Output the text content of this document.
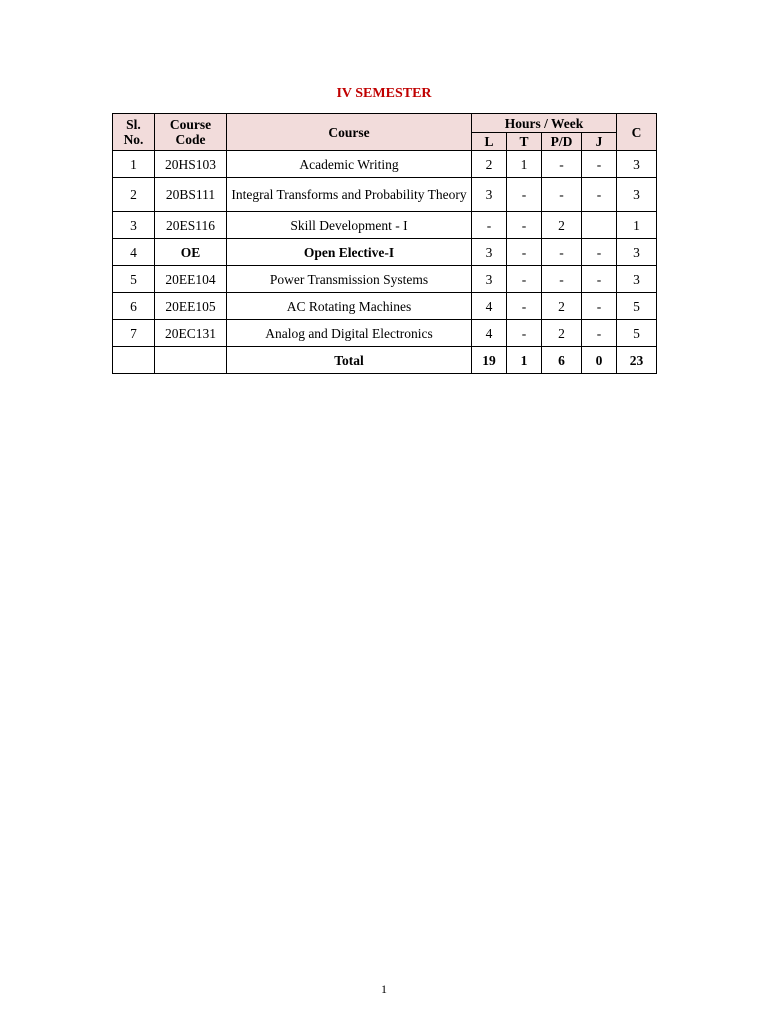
IV SEMESTER
Sl. No.	Course Code	Course	Hours / Week				C
			L	T	P/D	J	
1	20HS103	Academic Writing	2	1	-	-	3
2	20BS111	Integral Transforms and Probability Theory	3	-	-	-	3
3	20ES116	Skill Development - I	-	-	2		1
4	OE	Open Elective-I	3	-	-	-	3
5	20EE104	Power Transmission Systems	3	-	-	-	3
6	20EE105	AC Rotating Machines	4	-	2	-	5
7	20EC131	Analog and Digital Electronics	4	-	2	-	5
		Total	19	1	6	0	23
1
